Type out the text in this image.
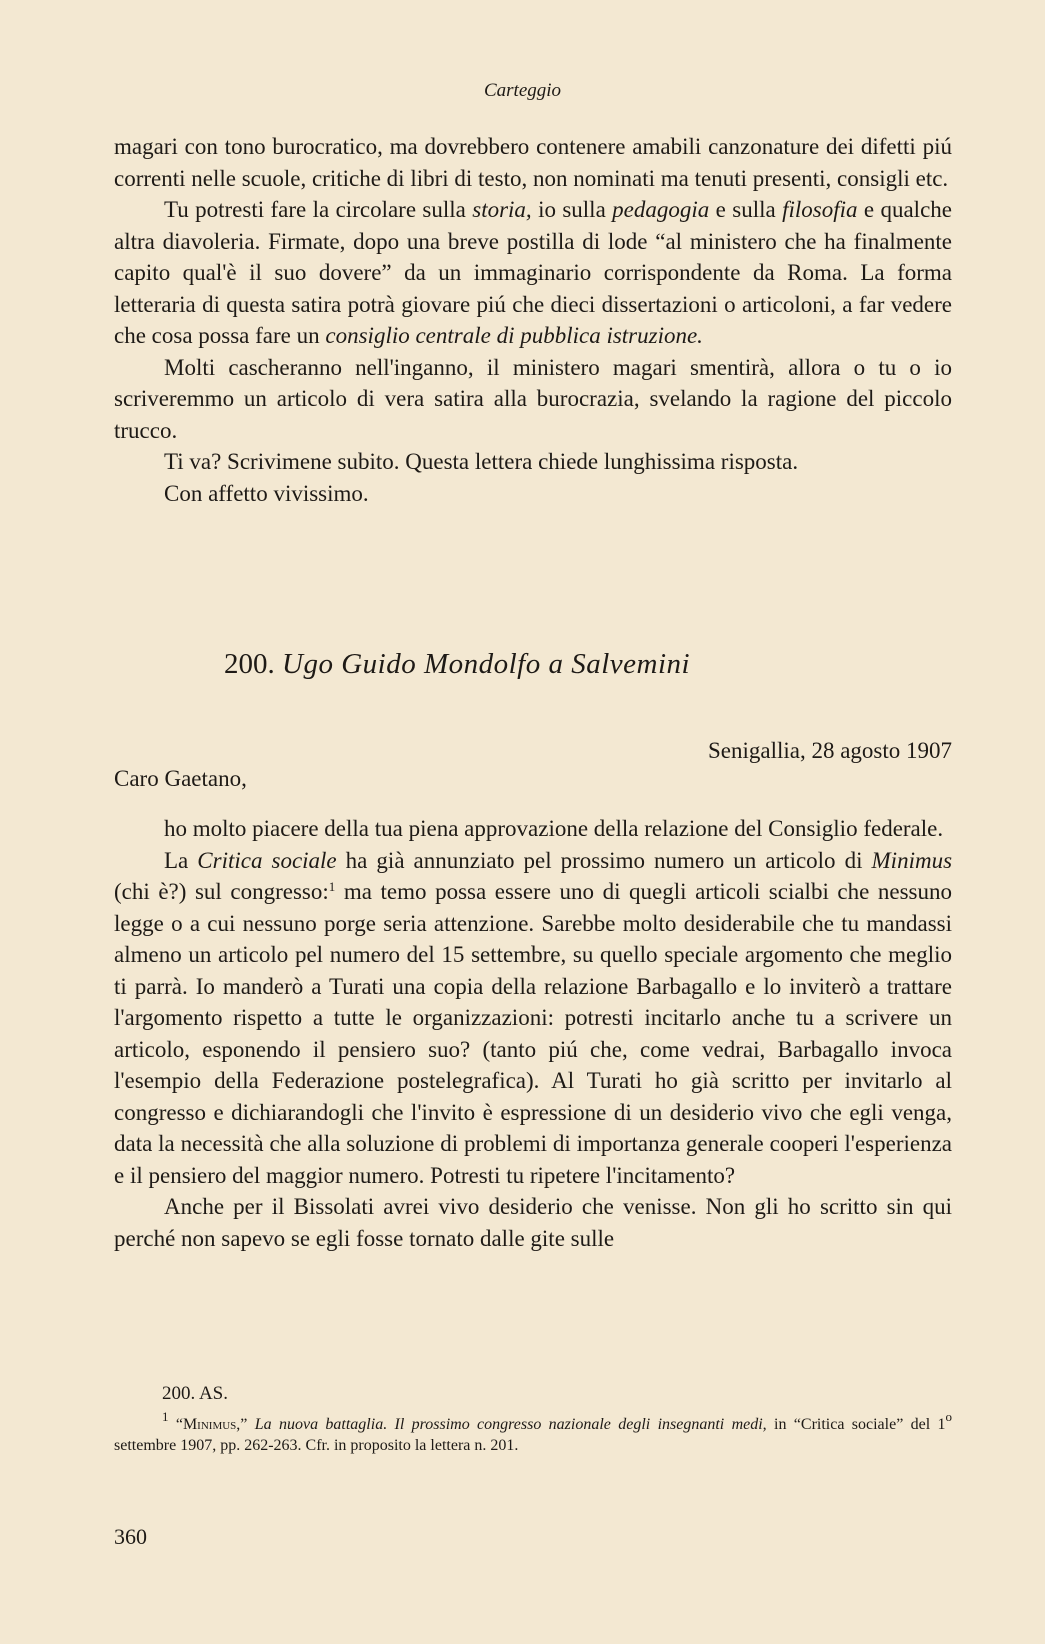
Carteggio

magari con tono burocratico, ma dovrebbero contenere amabili canzonature dei difetti piú correnti nelle scuole, critiche di libri di testo, non nominati ma tenuti presenti, consigli etc.

Tu potresti fare la circolare sulla storia, io sulla pedagogia e sulla filosofia e qualche altra diavoleria. Firmate, dopo una breve postilla di lode “al ministero che ha finalmente capito qual'è il suo dovere” da un immaginario corrispondente da Roma. La forma letteraria di questa satira potrà giovare piú che dieci dissertazioni o articoloni, a far vedere che cosa possa fare un consiglio centrale di pubblica istruzione.

Molti cascheranno nell'inganno, il ministero magari smentirà, allora o tu o io scriveremmo un articolo di vera satira alla burocrazia, svelando la ragione del piccolo trucco.

Ti va? Scrivimene subito. Questa lettera chiede lunghissima risposta.

Con affetto vivissimo.

200. Ugo Guido Mondolfo a Salvemini
Senigallia, 28 agosto 1907
Caro Gaetano,

ho molto piacere della tua piena approvazione della relazione del Consiglio federale.

La Critica sociale ha già annunziato pel prossimo numero un articolo di Minimus (chi è?) sul congresso:$^1$ ma temo possa essere uno di quegli articoli scialbi che nessuno legge o a cui nessuno porge seria attenzione. Sarebbe molto desiderabile che tu mandassi almeno un articolo pel numero del 15 settembre, su quello speciale argomento che meglio ti parrà. Io manderò a Turati una copia della relazione Barbagallo e lo inviterò a trattare l'argomento rispetto a tutte le organizzazioni: potresti incitarlo anche tu a scrivere un articolo, esponendo il pensiero suo? (tanto piú che, come vedrai, Barbagallo invoca l'esempio della Federazione postelegrafica). Al Turati ho già scritto per invitarlo al congresso e dichiarandogli che l'invito è espressione di un desiderio vivo che egli venga, data la necessità che alla soluzione di problemi di importanza generale cooperi l'esperienza e il pensiero del maggior numero. Potresti tu ripetere l'incitamento?

Anche per il Bissolati avrei vivo desiderio che venisse. Non gli ho scritto sin qui perché non sapevo se egli fosse tornato dalle gite sulle

200. AS.

$^1$ “Minimus,” La nuova battaglia. Il prossimo congresso nazionale degli insegnanti medi, in “Critica sociale” del 1$^o$ settembre 1907, pp. 262-263. Cfr. in proposito la lettera n. 201.

360
